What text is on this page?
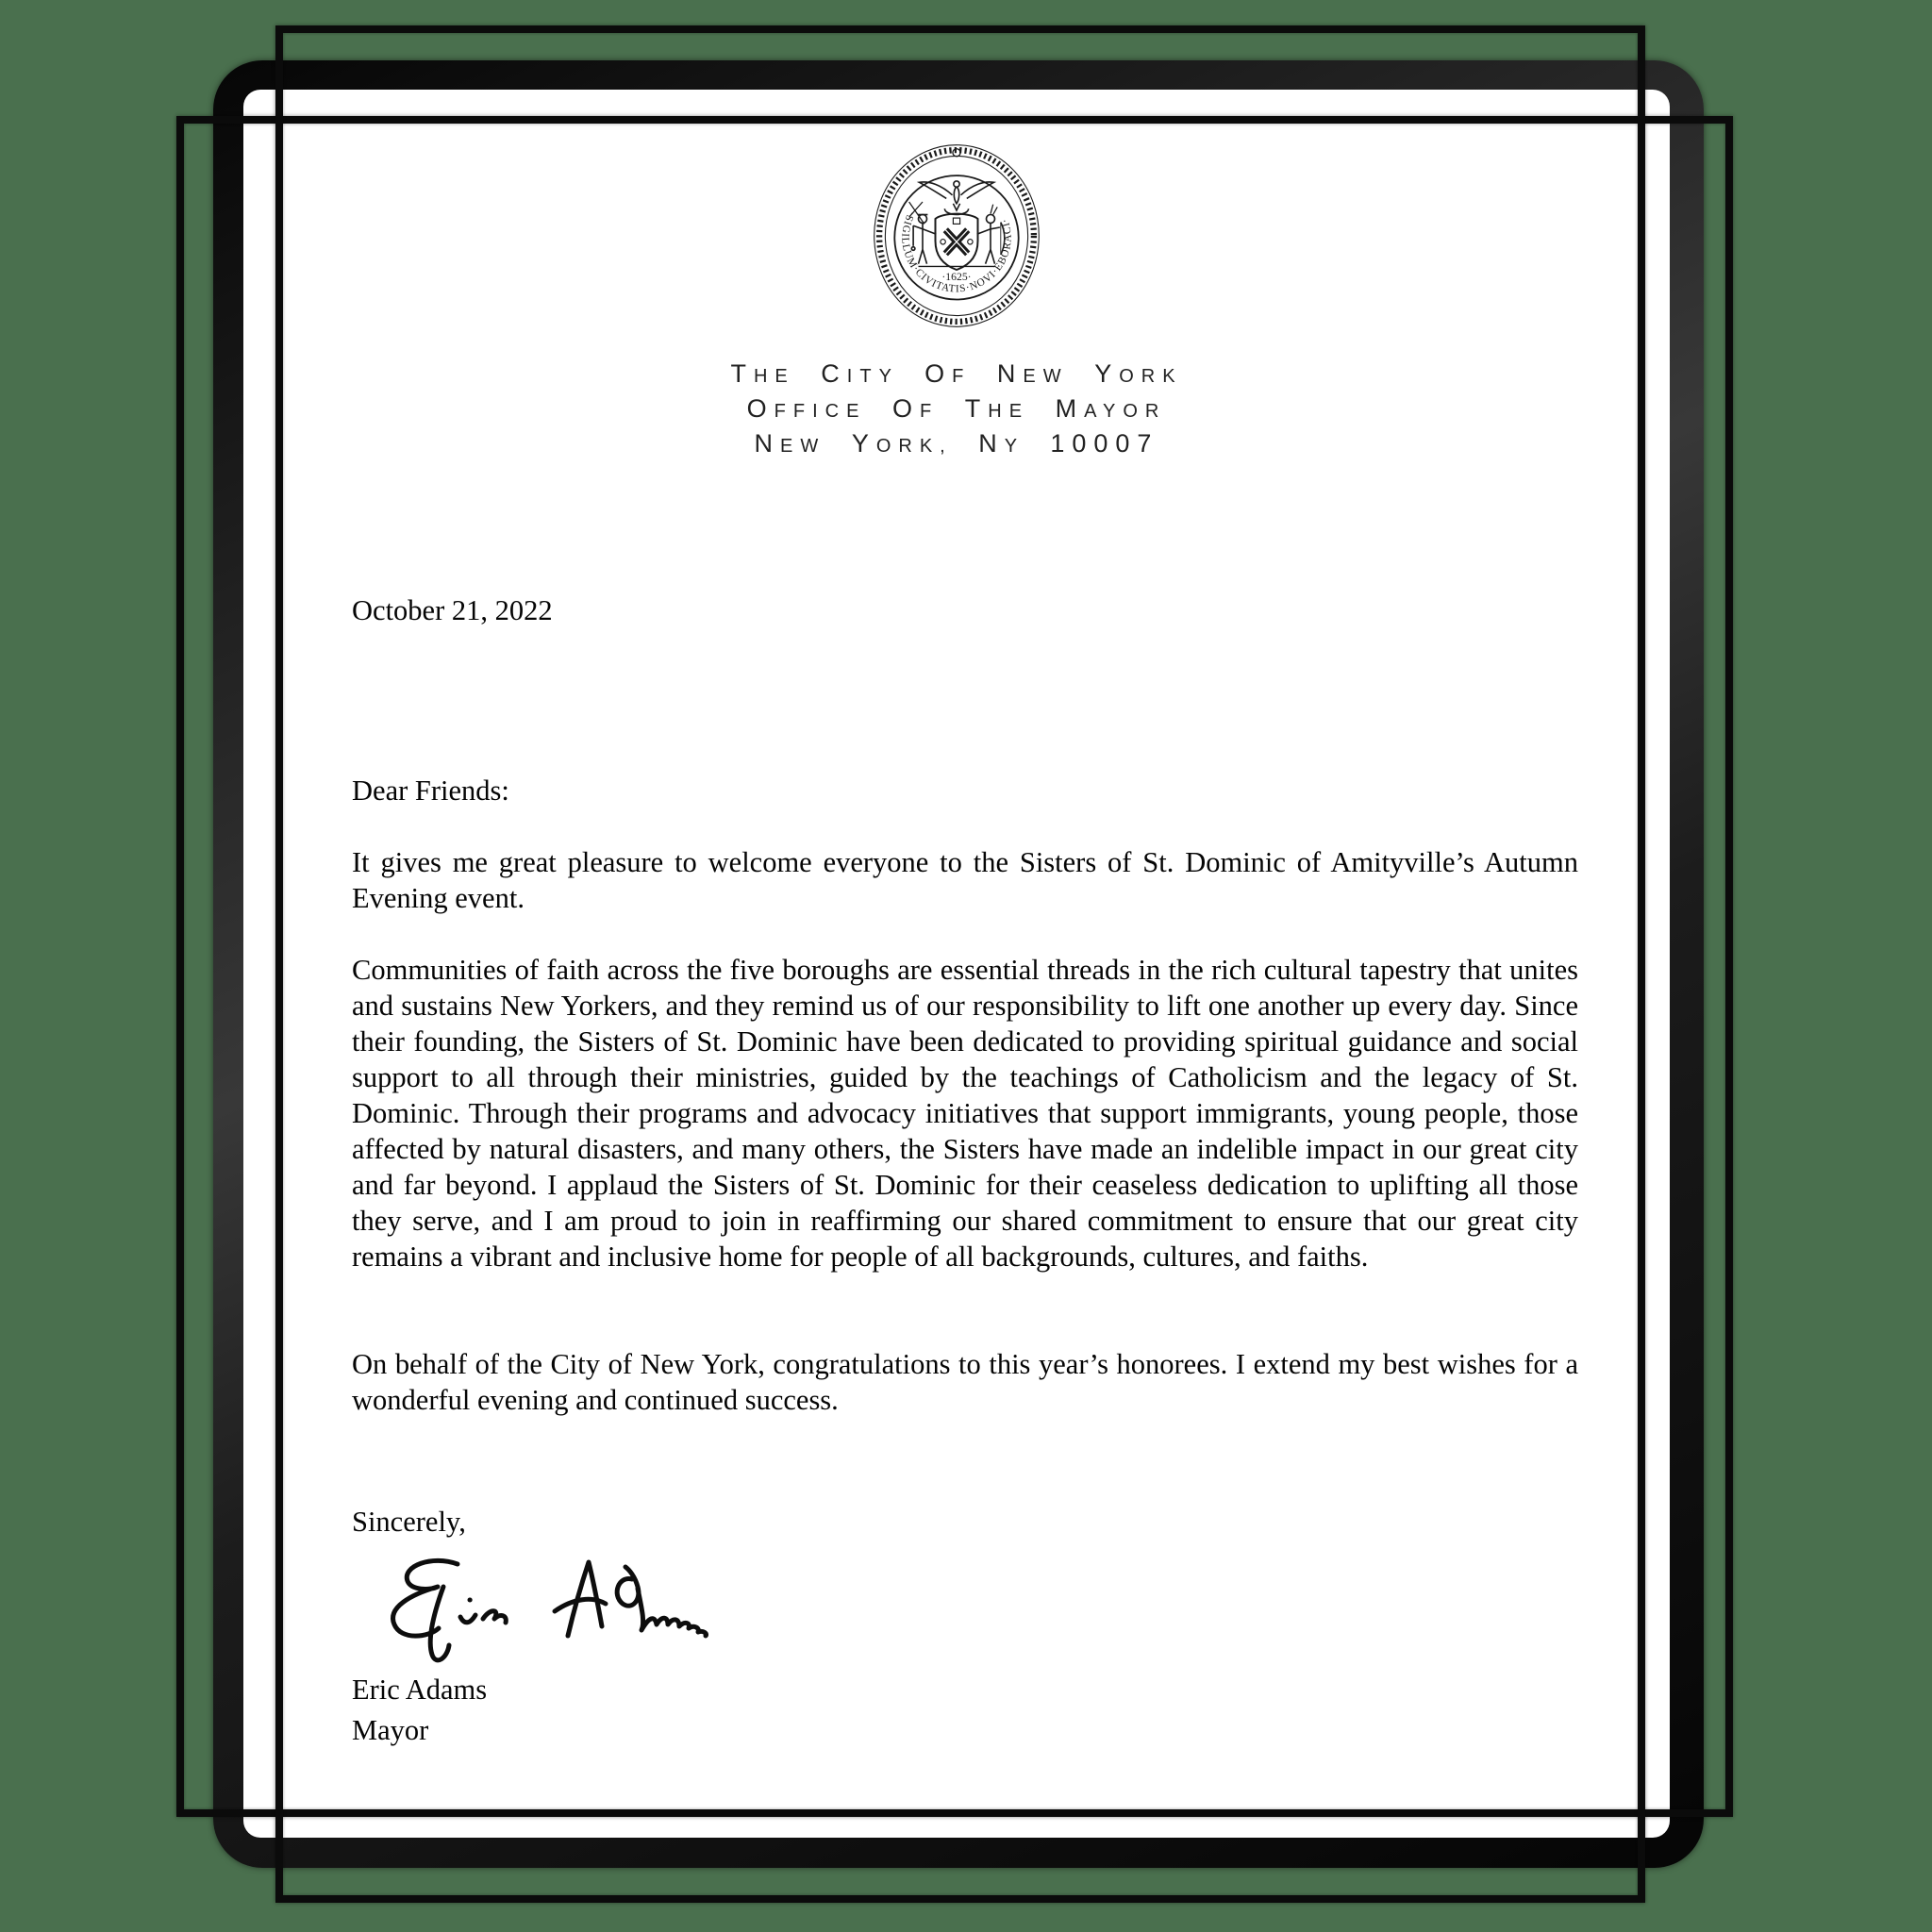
·SIGILLUM·CIVITATIS·NOVI·EBORACI·
·1625·
THE CITY OF NEW YORK
OFFICE OF THE MAYOR
NEW YORK, NY 10007
October 21, 2022
Dear Friends:
It gives me great pleasure to welcome everyone to the Sisters of St. Dominic of Amityville’s Autumn Evening event.
Communities of faith across the five boroughs are essential threads in the rich cultural tapestry that unites and sustains New Yorkers, and they remind us of our responsibility to lift one another up every day. Since their founding, the Sisters of St. Dominic have been dedicated to providing spiritual guidance and social support to all through their ministries, guided by the teachings of Catholicism and the legacy of St. Dominic. Through their programs and advocacy initiatives that support immigrants, young people, those affected by natural disasters, and many others, the Sisters have made an indelible impact in our great city and far beyond. I applaud the Sisters of St. Dominic for their ceaseless dedication to uplifting all those they serve, and I am proud to join in reaffirming our shared commitment to ensure that our great city remains a vibrant and inclusive home for people of all backgrounds, cultures, and faiths.
On behalf of the City of New York, congratulations to this year’s honorees. I extend my best wishes for a wonderful evening and continued success.
Sincerely,
Eric Adams
Mayor
